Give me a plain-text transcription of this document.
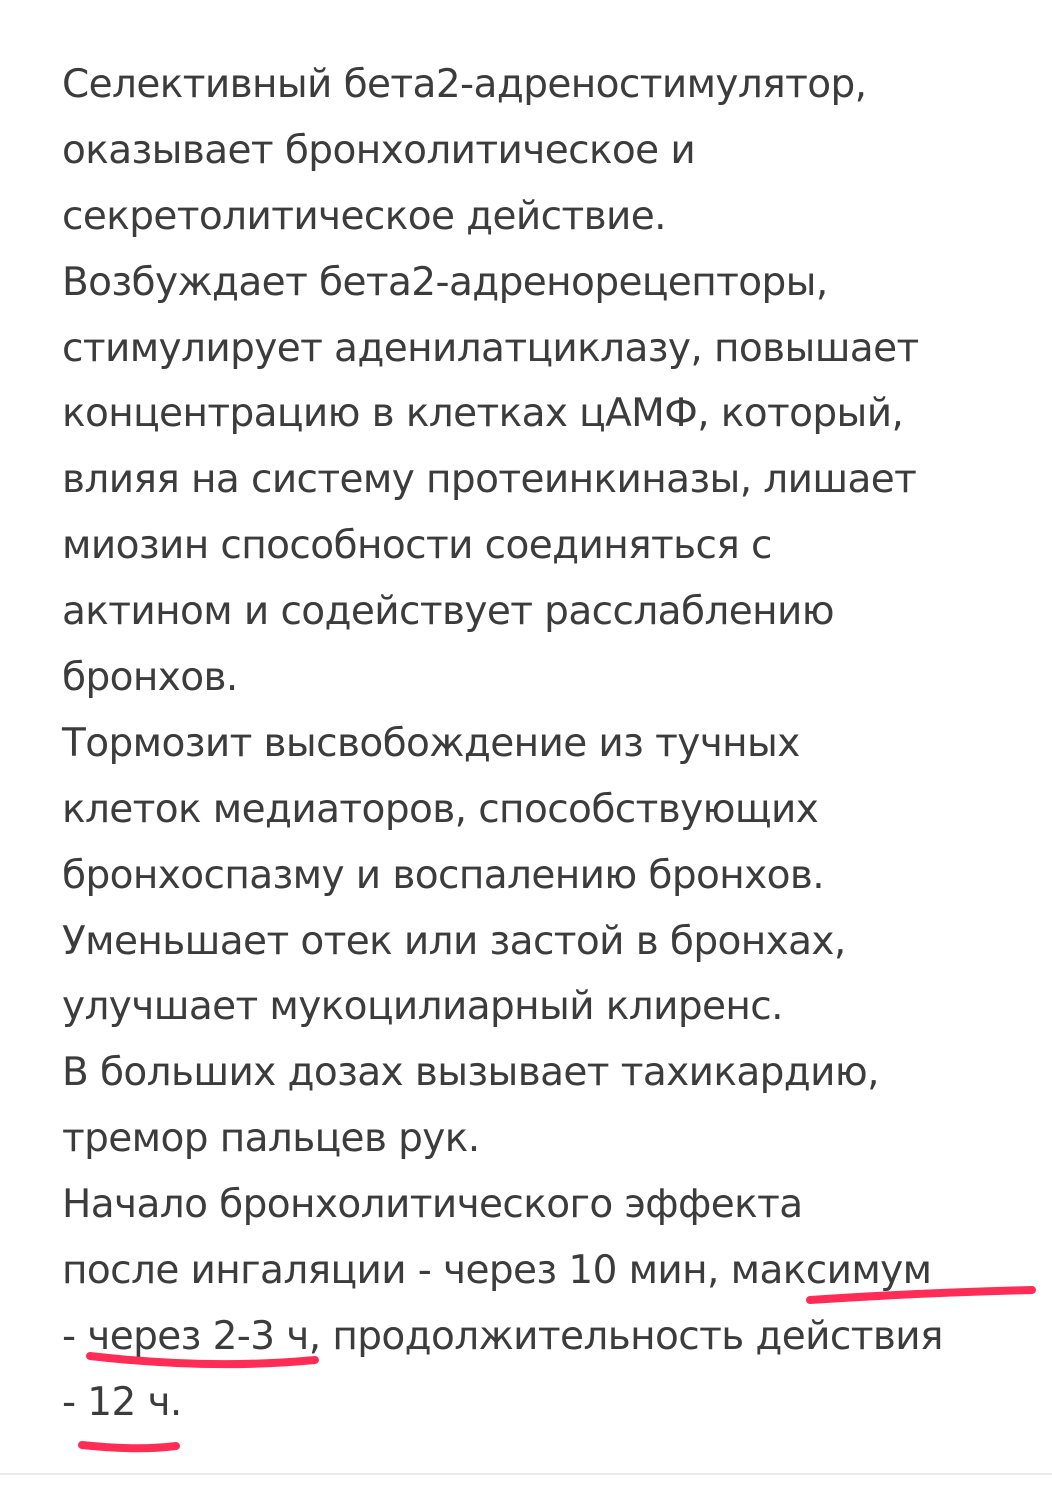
Селективный бета2-адреностимулятор,
оказывает бронхолитическое и
секретолитическое действие.
Возбуждает бета2-адренорецепторы,
стимулирует аденилатциклазу, повышает
концентрацию в клетках цАМФ, который,
влияя на систему протеинкиназы, лишает
миозин способности соединяться с
актином и содействует расслаблению
бронхов.
Тормозит высвобождение из тучных
клеток медиаторов, способствующих
бронхоспазму и воспалению бронхов.
Уменьшает отек или застой в бронхах,
улучшает мукоцилиарный клиренс.
В больших дозах вызывает тахикардию,
тремор пальцев рук.
Начало бронхолитического эффекта
после ингаляции - через 10 мин, максимум
- через 2-3 ч, продолжительность действия
- 12 ч.
